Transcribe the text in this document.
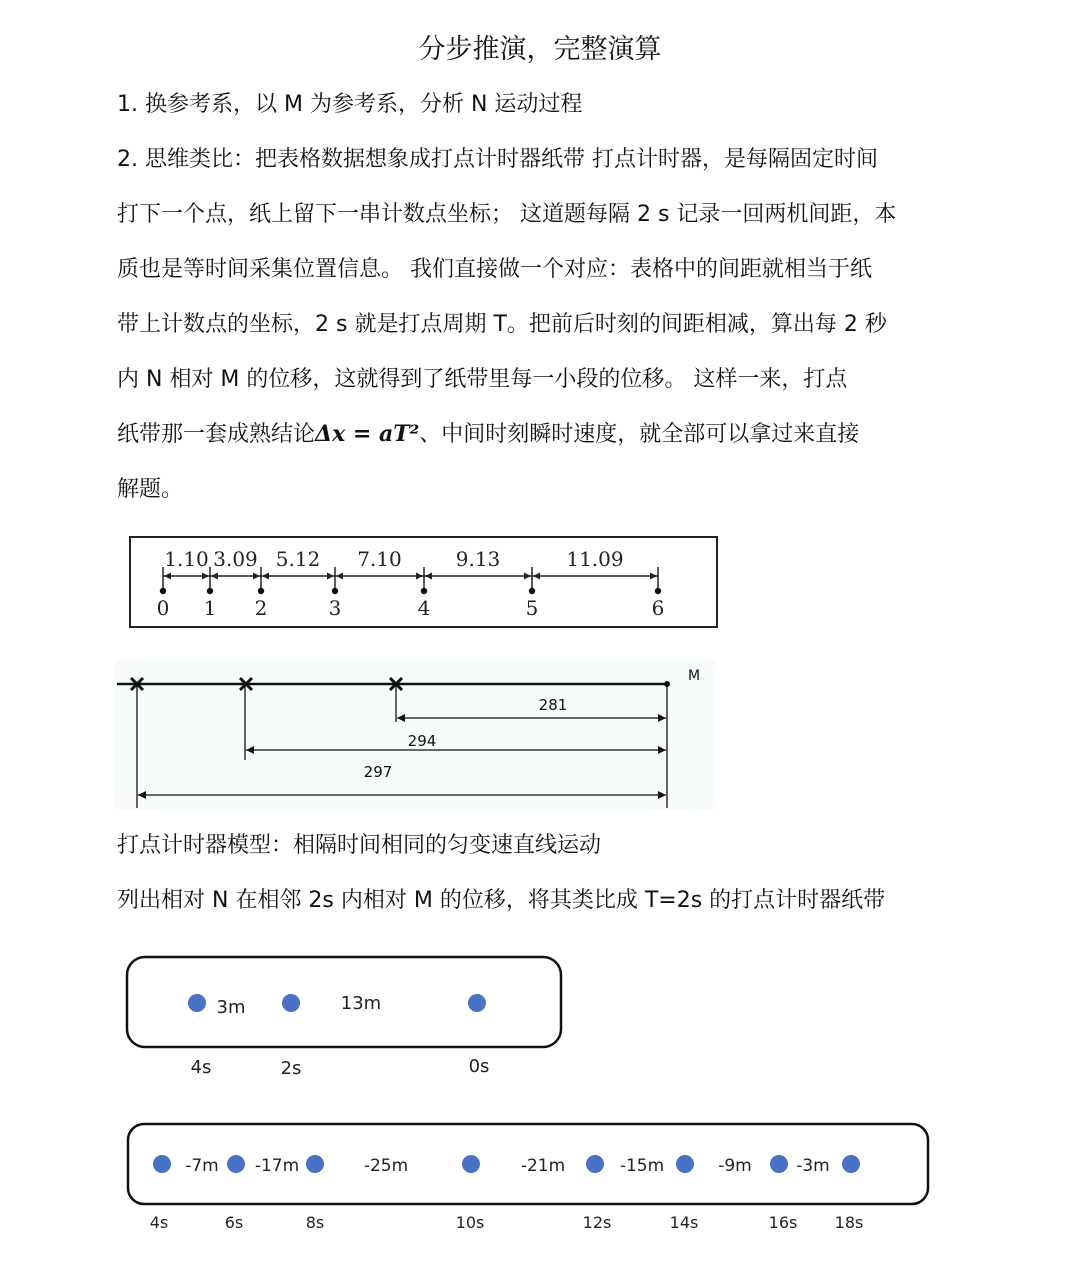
分步推演，完整演算
1. 换参考系，以 M 为参考系，分析 N 运动过程
2. 思维类比：把表格数据想象成打点计时器纸带 打点计时器，是每隔固定时间
打下一个点，纸上留下一串计数点坐标； 这道题每隔 2 s 记录一回两机间距，本
质也是等时间采集位置信息。 我们直接做一个对应：表格中的间距就相当于纸
带上计数点的坐标，2 s 就是打点周期 T。把前后时刻的间距相减，算出每 2 秒
内 N 相对 M 的位移，这就得到了纸带里每一小段的位移。 这样一来，打点
纸带那一套成熟结论Δx = aT²、中间时刻瞬时速度，就全部可以拿过来直接
解题。
0 1 2	3	4	5	6
1.10 3.09 5.12 7.10	9.13	11.09
M
281
294
297
打点计时器模型：相隔时间相同的匀变速直线运动
列出相对 N 在相邻 2s 内相对 M 的位移，将其类比成 T=2s 的打点计时器纸带
3m	13m
4s	2s	0s
-7m -17m	-25m	-21m	-15m	-9m	-3m
4s	6s	8s	10s	12s	14s	16s 18s
